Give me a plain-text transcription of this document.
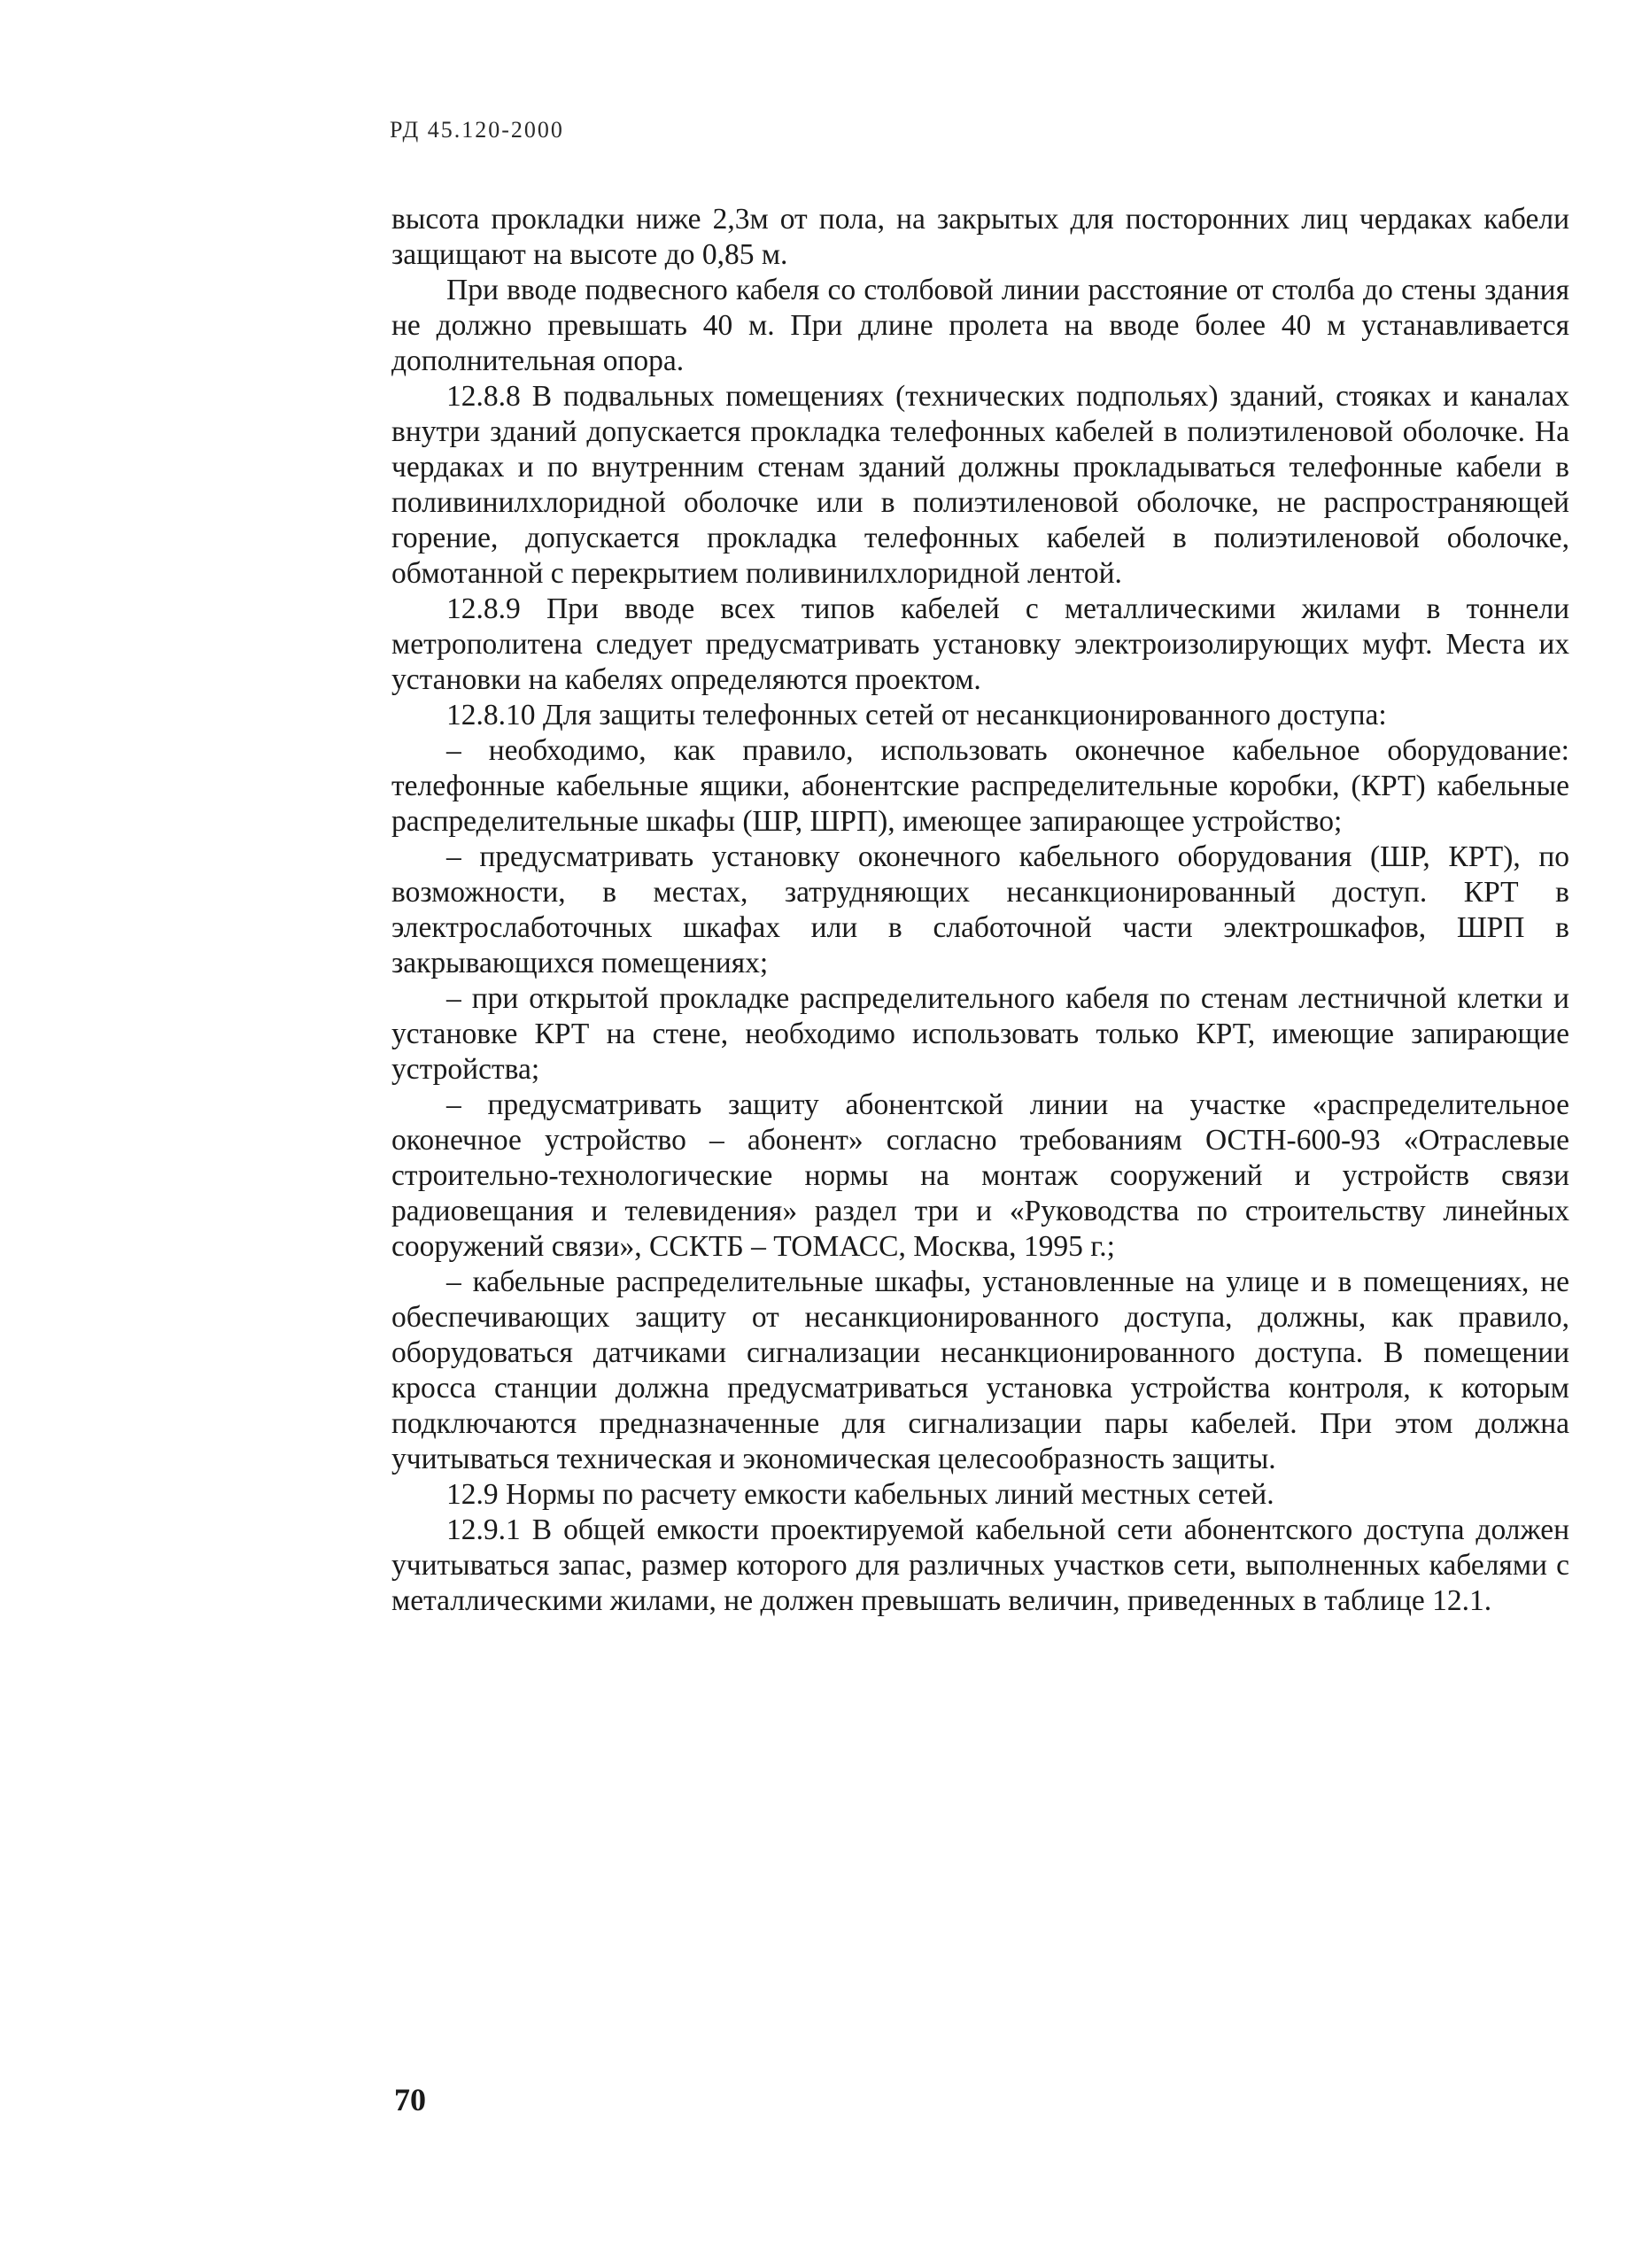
РД 45.120-2000

высота прокладки ниже 2,3м от пола, на закрытых для посторонних лиц чердаках кабели защищают на высоте до 0,85 м.

При вводе подвесного кабеля со столбовой линии расстояние от столба до стены здания не должно превышать 40 м. При длине пролета на вводе более 40 м устанавливается дополнительная опора.

12.8.8 В подвальных помещениях (технических подпольях) зданий, стояках и каналах внутри зданий допускается прокладка телефонных кабелей в полиэтиленовой оболочке. На чердаках и по внутренним стенам зданий должны прокладываться телефонные кабели в поливинилхлоридной оболочке или в полиэтиленовой оболочке, не распространяющей горение, допускается прокладка телефонных кабелей в полиэтиленовой оболочке, обмотанной с перекрытием поливинилхлоридной лентой.

12.8.9 При вводе всех типов кабелей с металлическими жилами в тоннели метрополитена следует предусматривать установку электроизолирующих муфт. Места их установки на кабелях определяются проектом.

12.8.10 Для защиты телефонных сетей от несанкционированного доступа:

– необходимо, как правило, использовать оконечное кабельное оборудование: телефонные кабельные ящики, абонентские распределительные коробки, (КРТ) кабельные распределительные шкафы (ШР, ШРП), имеющее запирающее устройство;

– предусматривать установку оконечного кабельного оборудования (ШР, КРТ), по возможности, в местах, затрудняющих несанкционированный доступ. КРТ в электрослаботочных шкафах или в слаботочной части электрошкафов, ШРП в закрывающихся помещениях;

– при открытой прокладке распределительного кабеля по стенам лестничной клетки и установке КРТ на стене, необходимо использовать только КРТ, имеющие запирающие устройства;

– предусматривать защиту абонентской линии на участке «распределительное оконечное устройство – абонент» согласно требованиям ОСТН-600-93 «Отраслевые строительно-технологические нормы на монтаж сооружений и устройств связи радиовещания и телевидения» раздел три и «Руководства по строительству линейных сооружений связи», ССКТБ – ТОМАСС, Москва, 1995 г.;

– кабельные распределительные шкафы, установленные на улице и в помещениях, не обеспечивающих защиту от несанкционированного доступа, должны, как правило, оборудоваться датчиками сигнализации несанкционированного доступа. В помещении кросса станции должна предусматриваться установка устройства контроля, к которым подключаются предназначенные для сигнализации пары кабелей. При этом должна учитываться техническая и экономическая целесообразность защиты.

12.9 Нормы по расчету емкости кабельных линий местных сетей.

12.9.1 В общей емкости проектируемой кабельной сети абонентского доступа должен учитываться запас, размер которого для различных участков сети, выполненных кабелями с металлическими жилами, не должен превышать величин, приведенных в таблице 12.1.

70
